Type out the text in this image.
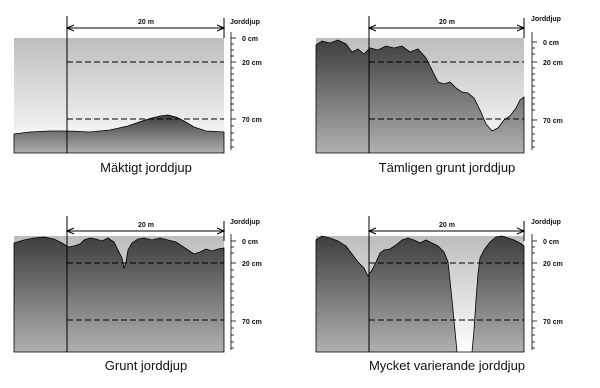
20 m	Jorddjup
0 cm
20 cm
70 cm
Mäktigt jorddjup
20 m	Jorddjup
0 cm
20 cm
70 cm
Tämligen grunt jorddjup
20 m	Jorddjup
0 cm
20 cm
70 cm
Grunt jorddjup
20 m	Jorddjup
0 cm
20 cm
70 cm
Mycket varierande jorddjup
